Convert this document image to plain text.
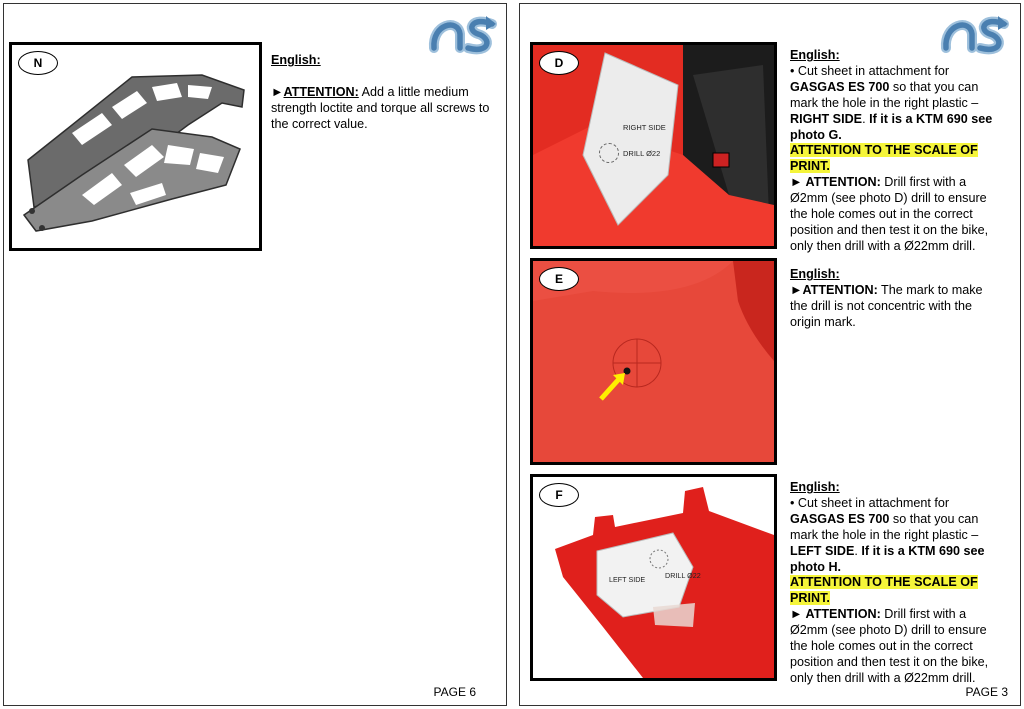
AS
N	English:

►ATTENTION: Add a little medium strength loctite and torque all screws to the correct value.

PAGE 6
D
RIGHT SIDE
DRILL Ø22

English:

• Cut sheet in attachment for GASGAS ES 700 so that you can mark the hole in the right plastic – RIGHT SIDE. If it is a KTM 690 see photo G.

ATTENTION TO THE SCALE OF PRINT.

► ATTENTION: Drill first with a Ø2mm (see photo D) drill to ensure the hole comes out in the correct position and then test it on the bike, only then drill with a Ø22mm drill.

E	English:

►ATTENTION: The mark to make the drill is not concentric with the origin mark.

F
LEFT SIDE	DRILL Ø22

English:

• Cut sheet in attachment for GASGAS ES 700 so that you can mark the hole in the right plastic – LEFT SIDE. If it is a KTM 690 see photo H.

ATTENTION TO THE SCALE OF PRINT.

► ATTENTION: Drill first with a Ø2mm (see photo D) drill to ensure the hole comes out in the correct position and then test it on the bike, only then drill with a Ø22mm drill.

PAGE 3
